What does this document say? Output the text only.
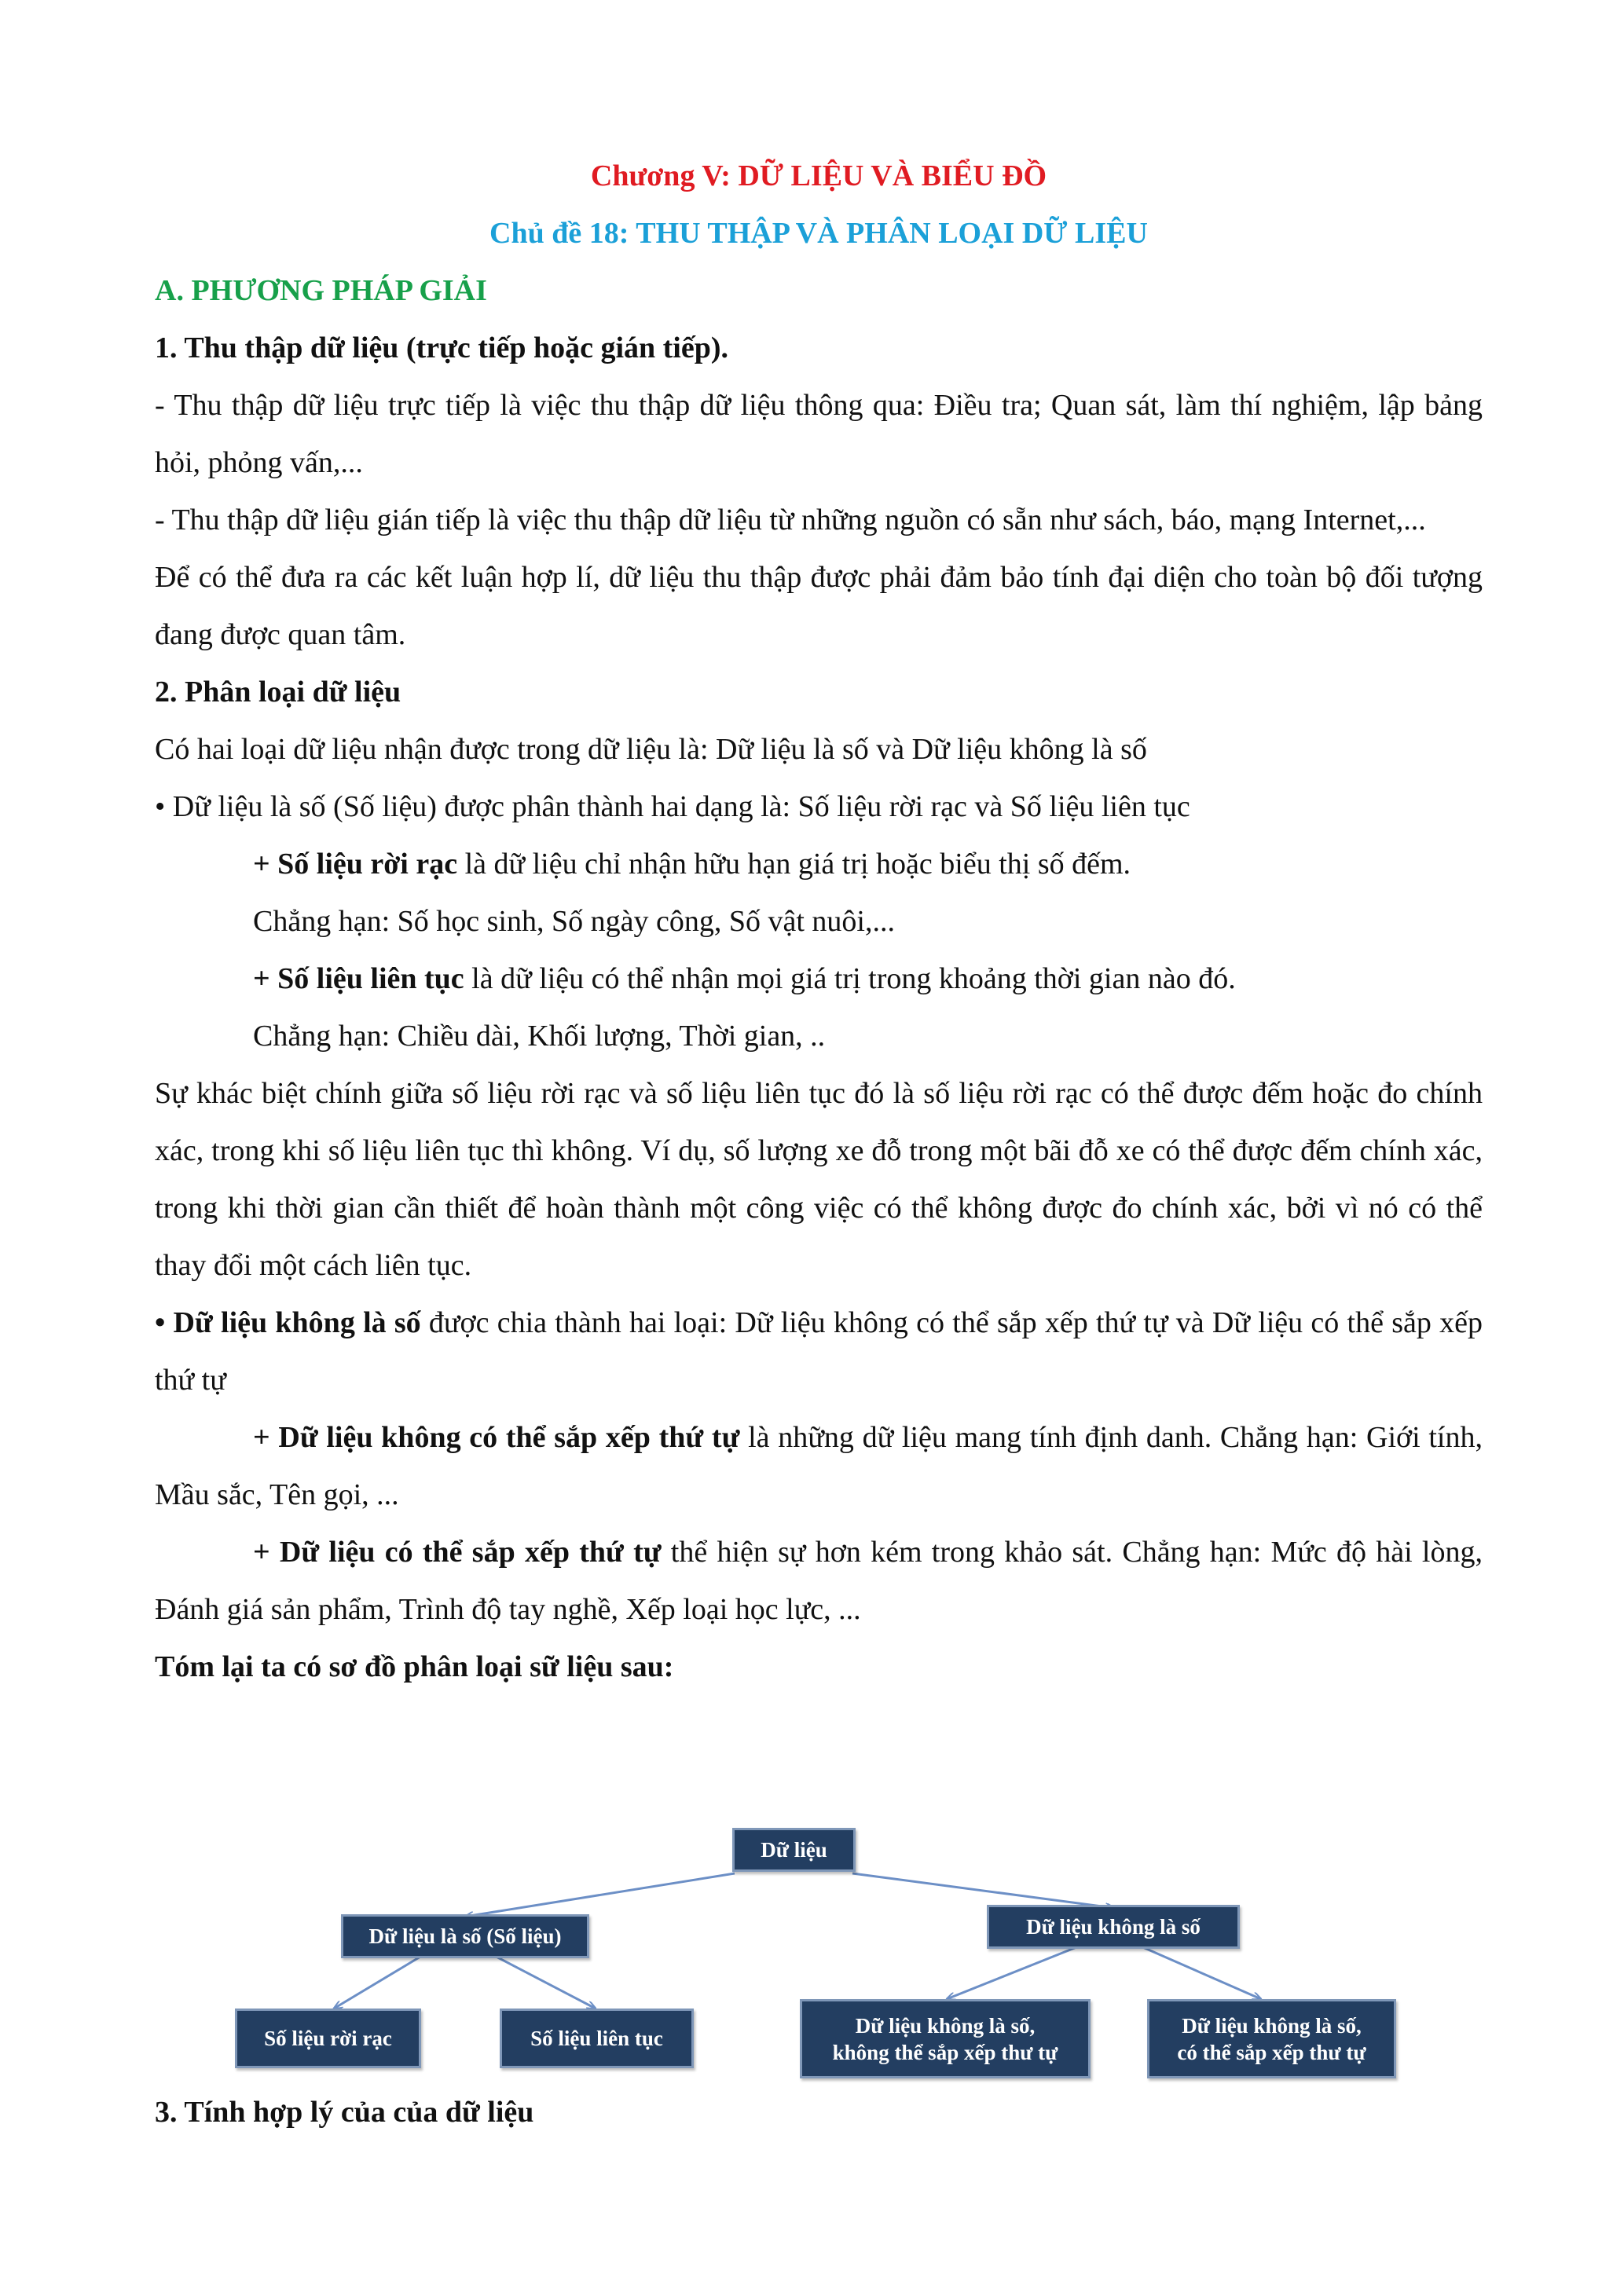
Chương V: DỮ LIỆU VÀ BIỂU ĐỒ

Chủ đề 18: THU THẬP VÀ PHÂN LOẠI DỮ LIỆU

A. PHƯƠNG PHÁP GIẢI

1. Thu thập dữ liệu (trực tiếp hoặc gián tiếp).

- Thu thập dữ liệu trực tiếp là việc thu thập dữ liệu thông qua: Điều tra; Quan sát, làm thí nghiệm, lập bảng hỏi, phỏng vấn,...

- Thu thập dữ liệu gián tiếp là việc thu thập dữ liệu từ những nguồn có sẵn như sách, báo, mạng Internet,...

Để có thể đưa ra các kết luận hợp lí, dữ liệu thu thập được phải đảm bảo tính đại diện cho toàn bộ đối tượng đang được quan tâm.

2. Phân loại dữ liệu

Có hai loại dữ liệu nhận được trong dữ liệu là: Dữ liệu là số và Dữ liệu không là số

• Dữ liệu là số (Số liệu) được phân thành hai dạng là: Số liệu rời rạc và Số liệu liên tục

+ Số liệu rời rạc là dữ liệu chỉ nhận hữu hạn giá trị hoặc biểu thị số đếm.

Chẳng hạn: Số học sinh, Số ngày công, Số vật nuôi,...

+ Số liệu liên tục là dữ liệu có thể nhận mọi giá trị trong khoảng thời gian nào đó.

Chẳng hạn: Chiều dài, Khối lượng, Thời gian, ..

Sự khác biệt chính giữa số liệu rời rạc và số liệu liên tục đó là số liệu rời rạc có thể được đếm hoặc đo chính xác, trong khi số liệu liên tục thì không. Ví dụ, số lượng xe đỗ trong một bãi đỗ xe có thể được đếm chính xác, trong khi thời gian cần thiết để hoàn thành một công việc có thể không được đo chính xác, bởi vì nó có thể thay đổi một cách liên tục.

• Dữ liệu không là số được chia thành hai loại: Dữ liệu không có thể sắp xếp thứ tự và Dữ liệu có thể sắp xếp thứ tự

+ Dữ liệu không có thể sắp xếp thứ tự là những dữ liệu mang tính định danh. Chẳng hạn: Giới tính, Mầu sắc, Tên gọi, ...

+ Dữ liệu có thể sắp xếp thứ tự thể hiện sự hơn kém trong khảo sát. Chẳng hạn: Mức độ hài lòng, Đánh giá sản phẩm, Trình độ tay nghề, Xếp loại học lực, ...

Tóm lại ta có sơ đồ phân loại sữ liệu sau:

Dữ liệu
Dữ liệu là số (Số liệu)	Dữ liệu không là số
Số liệu rời rạc	Số liệu liên tục
Dữ liệu không là số,
không thể sắp xếp thư tự
Dữ liệu không là số,
có thể sắp xếp thư tự
3. Tính hợp lý của của dữ liệu
